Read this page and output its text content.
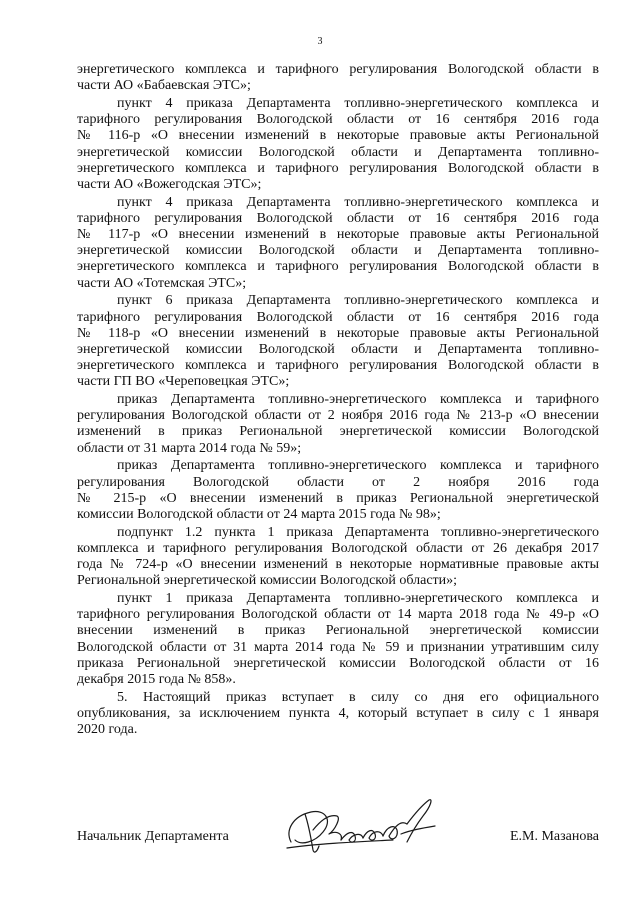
3
энергетического комплекса и тарифного регулирования Вологодской области в
части АО «Бабаевская ЭТС»;
пункт 4 приказа Департамента топливно-энергетического комплекса и
тарифного регулирования Вологодской области от 16 сентября 2016 года
№ 116-р «О внесении изменений в некоторые правовые акты Региональной
энергетической комиссии Вологодской области и Департамента топливно-
энергетического комплекса и тарифного регулирования Вологодской области в
части АО «Вожегодская ЭТС»;
пункт 4 приказа Департамента топливно-энергетического комплекса и
тарифного регулирования Вологодской области от 16 сентября 2016 года
№ 117-р «О внесении изменений в некоторые правовые акты Региональной
энергетической комиссии Вологодской области и Департамента топливно-
энергетического комплекса и тарифного регулирования Вологодской области в
части АО «Тотемская ЭТС»;
пункт 6 приказа Департамента топливно-энергетического комплекса и
тарифного регулирования Вологодской области от 16 сентября 2016 года
№ 118-р «О внесении изменений в некоторые правовые акты Региональной
энергетической комиссии Вологодской области и Департамента топливно-
энергетического комплекса и тарифного регулирования Вологодской области в
части ГП ВО «Череповецкая ЭТС»;
приказ Департамента топливно-энергетического комплекса и тарифного
регулирования Вологодской области от 2 ноября 2016 года № 213-р «О внесении
изменений в приказ Региональной энергетической комиссии Вологодской
области от 31 марта 2014 года № 59»;
приказ Департамента топливно-энергетического комплекса и тарифного
регулирования Вологодской области от 2 ноября 2016 года
№ 215-р «О внесении изменений в приказ Региональной энергетической
комиссии Вологодской области от 24 марта 2015 года № 98»;
подпункт 1.2 пункта 1 приказа Департамента топливно-энергетического
комплекса и тарифного регулирования Вологодской области от 26 декабря 2017
года № 724-р «О внесении изменений в некоторые нормативные правовые акты
Региональной энергетической комиссии Вологодской области»;
пункт 1 приказа Департамента топливно-энергетического комплекса и
тарифного регулирования Вологодской области от 14 марта 2018 года № 49-р «О
внесении изменений в приказ Региональной энергетической комиссии
Вологодской области от 31 марта 2014 года № 59 и признании утратившим силу
приказа Региональной энергетической комиссии Вологодской области от 16
декабря 2015 года № 858».
5. Настоящий приказ вступает в силу со дня его официального
опубликования, за исключением пункта 4, который вступает в силу с 1 января
2020 года.
Начальник Департамента	Е.М. Мазанова
